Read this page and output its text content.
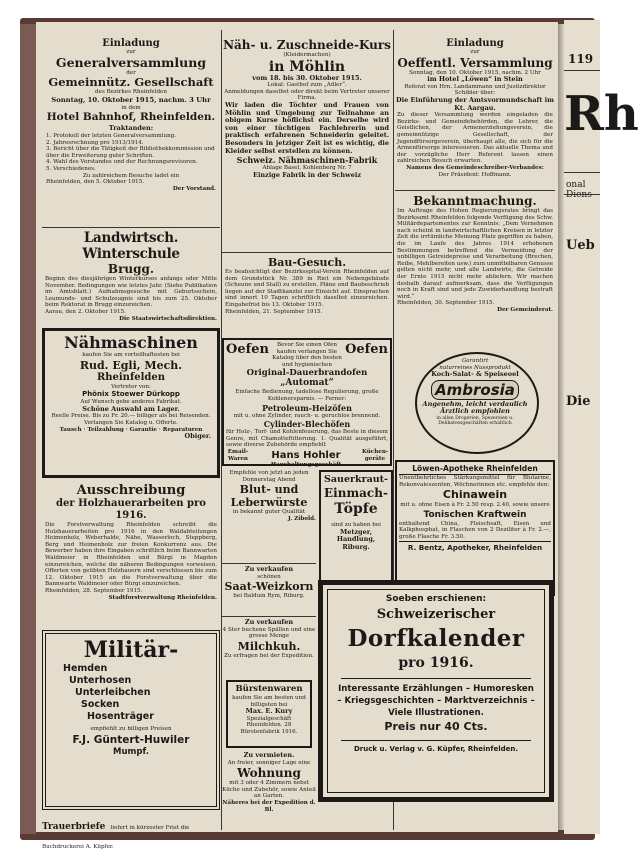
119
Rh
onal Diens
Ueb
Die
Einladung
zur
Generalversammlung
der
Gemeinnütz. Gesellschaft
des Bezirkes Rheinfelden
Sonntag, 10. Oktober 1915, nachm. 3 Uhr
in dem
Hotel Bahnhof, Rheinfelden.
Traktanden:
1. Protokoll der letzten Generalversammlung.
2. Jahresrechnung pro 1913/1914.
3. Bericht über die Tätigkeit der Bibliothekkommission und über die Erweiterung guter Schriften.
4. Wahl des Vorstandes und der Rechnungsrevisoren.
5. Verschiedenes.
Zu zahlreichem Besuche ladet ein
Rheinfelden, den 5. Oktober 1915.
Der Vorstand.
Landwirtsch. Winterschule
Brugg.
Beginn des diesjährigen Winterkurses anfangs oder Mitte November. Bedingungen wie letztes Jahr. (Siehe Publikation im Amtsblatt.) Aufnahmsgesuche mit Geburtsschein, Leumunds- und Schulzeugnis sind bis zum 25. Oktober beim Rektorat in Brugg einzureichen.
Aarau, den 2. Oktober 1915.
Die Staatswirtschaftsdirektion.
Nähmaschinen
kaufen Sie am vorteilhaftesten bei
Rud. Egli, Mech.
Rheinfelden
Vertreter von:
Phönix Stoewer Dürkopp
Auf Wunsch gebe anderes Fabrikat.
Schöne Auswahl am Lager.
Reelle Preise. Bis zu Fr. 20.— billiger als bei Reisenden. Verlangen Sie Katalog u. Offerte.
Tausch · Teilzahlung · Garantie · Reparaturen
Obiger.
Ausschreibung
der Holzhauerarbeiten pro 1916.
Die Forstverwaltung Rheinfelden schreibt die Holzhauerarbeiten pro 1916 in den Waldabteilungen Heimenholz, Weberhalde, Nähe, Wasserloch, Steppberg, Berg und Heimenholz zur freien Konkurrenz aus. Die Bewerber haben ihre Eingaben schriftlich beim Bannwarten Waldmeier in Rheinfelden und Bürgi in Magden einzureichen, welche die näheren Bedingungen vorweisen. Offerten von geübten Holzhauern sind verschlossen bis zum 12. Oktober 1915 an die Forstverwaltung über die Bannwarte Waldmeier oder Bürgi einzureichen.
Rheinfelden, 28. September 1915.
Stadtforstverwaltung Rheinfelden.
Militär-
Hemden
Unterhosen
Unterleibchen
Socken
Hosenträger
empfiehlt zu billigen Preisen
F.J. Güntert-Huwiler
Mumpf.
Trauerbriefe liefert in kürzester Frist die Buchdruckerei A. Küpfer.
Näh- u. Zuschneide-Kurs
(Kleidermachen)
in Möhlin
vom 18. bis 30. Oktober 1915.
Lokal: Gasthof zum „Adler“.
Anmeldungen daselbst oder direkt beim Vertreter unserer Firma.
Wir laden die Töchter und Frauen von Möhlin und Umgebung zur Teilnahme an obigem Kurse höflichst ein. Derselbe wird von einer tüchtigen Fachlehrerin und praktisch erfahrenen Schneiderin geleitet. Besonders in jetziger Zeit ist es wichtig, die Kleider selbst erstellen zu können.
Schweiz. Nähmaschinen-Fabrik
Ablage Basel, Kohlenberg Nr. 7
Einzige Fabrik in der Schweiz
Bau-Gesuch.
Es beabsichtigt der Bezirksspital-Verein Rheinfelden auf dem Grundstück Nr. 389 in Riet ein Nebengebäude (Scheune und Stall) zu erstellen. Pläne und Baubeschrieb liegen auf der Stadtkanzlei zur Einsicht auf. Einsprachen sind innert 10 Tagen schriftlich daselbst einzureichen. Eingabefrist bis 13. Oktober 1915.
Rheinfelden, 21. September 1915.
Oefen	Bevor Sie einen Ofen kaufen verlangen Sie Katalog über den besten und hygienischen
Oefen
Original-Dauerbrandofen
„Automat“
Einfache Bedienung, tadellose Regulierung, große Kohlenersparnis. — Ferner:
Petroleum-Heizöfen
mit u. ohne Zylinder, rauch- u. geruchlos brennend.
Cylinder-Blechöfen
für Holz-, Torf- und Kohlenfeuerung, das Beste in diesem Genre, mit Chamottefütterung. 1. Qualität ausgeführt, sowie diverse Zubehörde empfiehlt
Email-Waren Hans Hohler	Küchen-geräte
Haushaltungsgeschäft.
Empfehle von jetzt an jeden Donnerstag Abend
Blut- und
Leberwürste
in bekannt guter Qualität
J. Zibold.
Zu verkaufen
schönen
Saat-Weizkorn
bei Balduin Rym, Riburg.
Zu verkaufen
4 Ster buchene Spällen und eine grosse Menge
Milchkuh.
Zu erfragen bei der Expedition.
Bürstenwaren
kaufen Sie am besten und billigsten bei
Max. E. Kury
Spezialgeschäft Rheinfelden. 28 Bürstenfabrik 1916.
Zu vermieten.
An freier, sonniger Lage eine
Wohnung
mit 3 oder 4 Zimmern nebst Küche und Zubehör, sowie Anteil an Garten.
Näheres bei der Expedition d. Bl.
Sauerkraut-
Einmach-
Töpfe
sind zu haben bei
Metzger, Handlung, Riburg.
Einladung
zur
Oeffentl. Versammlung
Sonntag, den 10. Oktober 1915, nachm. 2 Uhr
im Hotel „Löwen“ in Stein
Referat von Hrn. Landammann und Justizdirektor Schibler über:
Die Einführung der Amtsvormundschaft im Kt. Aargau.
Zu dieser Versammlung werden eingeladen die Bezirks- und Gemeindebehörden, die Lehrer, die Geistlichen, der Armenerziehungsverein, die gemeinnützige Gesellschaft, der Jugendfürsorgeverein, überhaupt alle, die sich für die Armenfürsorge interessieren. Das aktuelle Thema und der vorzügliche Herr Referent lassen einen zahlreichen Besuch erwarten.
Namens des Gemeindeschreiber-Verbandes:
Der Präsident: Hoffmann.
Bekanntmachung.
Im Auftrage des Hohen Regierungsrates bringt das Bezirksamt Rheinfelden folgende Verfügung des Schw. Militärdepartementes zur Kenntnis: „Dem Vernehmen nach scheint in landwirtschaftlichen Kreisen in letzter Zeit die irrtümliche Meinung Platz gegriffen zu haben, die im Laufe des Jahres 1914 erhobenen Bestimmungen betreffend die Vermeidung der unbilligen Getreidepreise und Verarbeitung (Brechen, Reibe, Mehlbereiten usw.) zum unmittelbaren Genusse gelten nicht mehr, und alle Landwirte, die Getreide der Ernte 1915 nicht mehr abliefern. Wir machen deshalb darauf aufmerksam, dass die Verfügungen noch in Kraft sind und jede Zuwiderhandlung bestraft wird.“
Rheinfelden, 30. September 1915.
Der Gemeinderat.
Garantirt
naturreines Nussprodukt
Koch-Salat- & Speiseoel
Ambrosia
Angenehm, leicht verdaulich
Ärztlich empfohlen
in allen Drogerien, Spezereien u. Delikatessgeschäften erhältlich
Löwen-Apotheke Rheinfelden
Unentbehrliches Stärkungsmittel für Blutarme, Rekonvaleszenten, Wöchnerinnen etc. empfehle den:
Chinawein
mit u. ohne Eisen à Fr. 2.50 resp. 2.40, sowie unsere
Tonischen Kraftwein
enthaltend China, Fleischsaft, Eisen und Kalkphosphat, in Flaschen von 2 Deziliter à Fr. 2.—, große Flasche Fr. 3.50.
R. Bentz, Apotheker, Rheinfelden
Soeben erschienen:
Schweizerischer
Dorfkalender
pro 1916.
Interessante Erzählungen – Humoresken – Kriegsgeschichten – Marktverzeichnis – Viele Illustrationen.
Preis nur 40 Cts.
Druck u. Verlag v. G. Küpfer, Rheinfelden.
